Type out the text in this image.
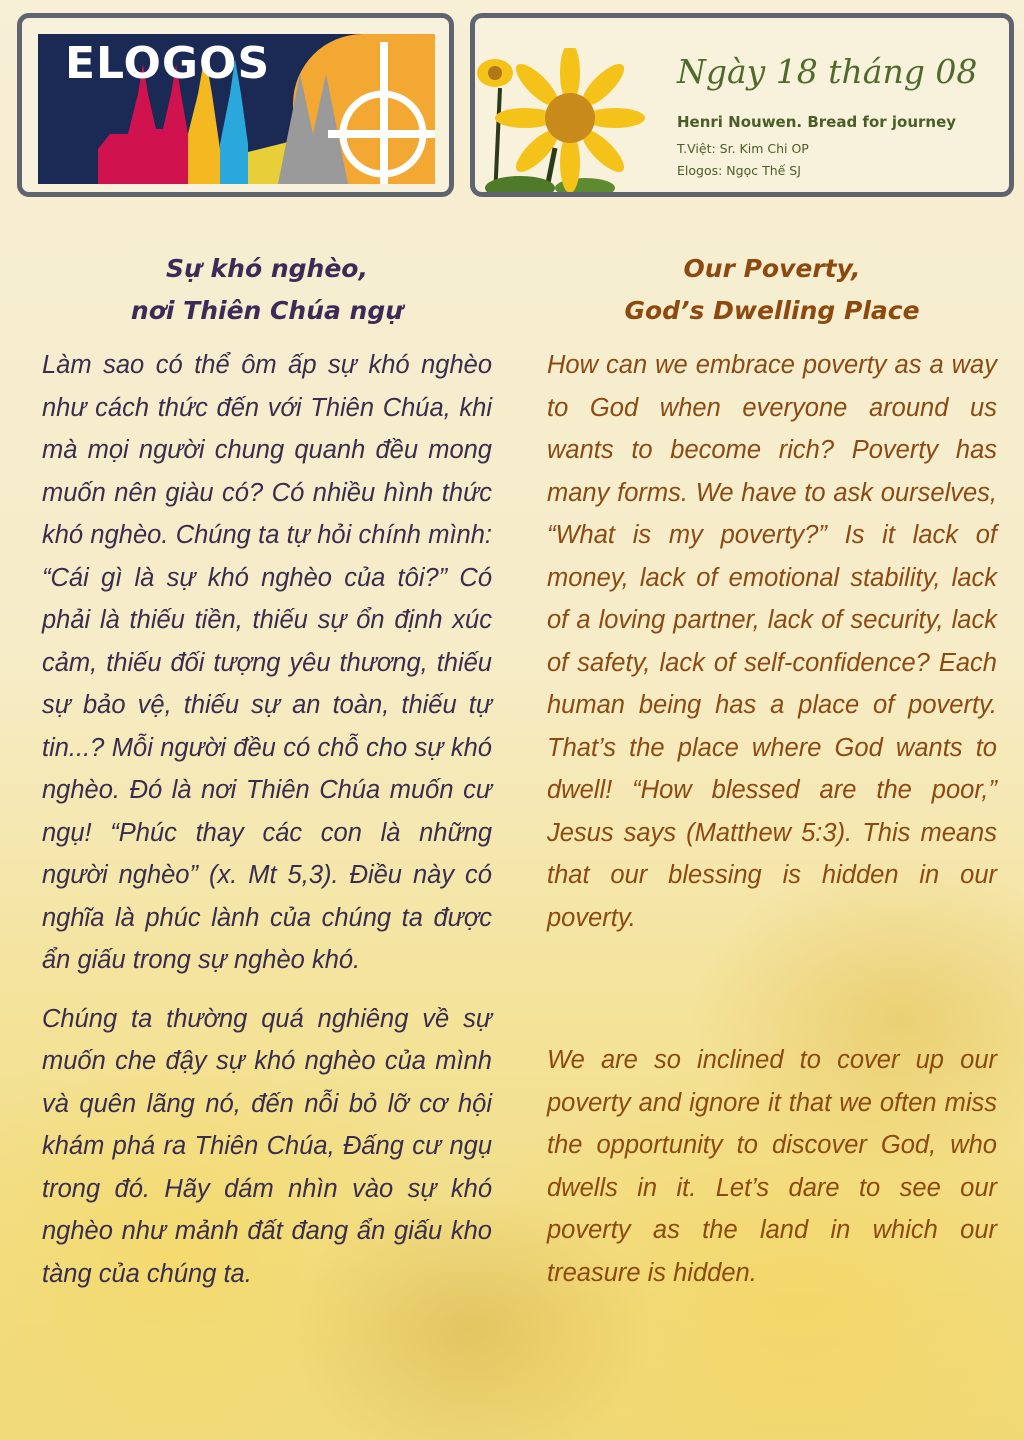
ELOGOS	Ngày 18 tháng 08
Henri Nouwen. Bread for journey
T.Việt: Sr. Kim Chi OP
Elogos: Ngọc Thế SJ
Sự khó nghèo,
nơi Thiên Chúa ngự

Làm sao có thể ôm ấp sự khó nghèo như cách thức đến với Thiên Chúa, khi mà mọi người chung quanh đều mong muốn nên giàu có? Có nhiều hình thức khó nghèo. Chúng ta tự hỏi chính mình: “Cái gì là sự khó nghèo của tôi?” Có phải là thiếu tiền, thiếu sự ổn định xúc cảm, thiếu đối tượng yêu thương, thiếu sự bảo vệ, thiếu sự an toàn, thiếu tự tin...? Mỗi người đều có chỗ cho sự khó nghèo. Đó là nơi Thiên Chúa muốn cư ngụ! “Phúc thay các con là những người nghèo” (x. Mt 5,3). Điều này có nghĩa là phúc lành của chúng ta được ẩn giấu trong sự nghèo khó.

Chúng ta thường quá nghiêng về sự muốn che đậy sự khó nghèo của mình và quên lãng nó, đến nỗi bỏ lỡ cơ hội khám phá ra Thiên Chúa, Đấng cư ngụ trong đó. Hãy dám nhìn vào sự khó nghèo như mảnh đất đang ẩn giấu kho tàng của chúng ta.

Our Poverty,
God’s Dwelling Place

How can we embrace poverty as a way to God when everyone around us wants to become rich? Poverty has many forms. We have to ask ourselves, “What is my poverty?” Is it lack of money, lack of emotional stability, lack of a loving partner, lack of security, lack of safety, lack of self-confidence? Each human being has a place of poverty. That’s the place where God wants to dwell! “How blessed are the poor,” Jesus says (Matthew 5:3). This means that our blessing is hidden in our poverty.

We are so inclined to cover up our poverty and ignore it that we often miss the opportunity to discover God, who dwells in it. Let’s dare to see our poverty as the land in which our treasure is hidden.
